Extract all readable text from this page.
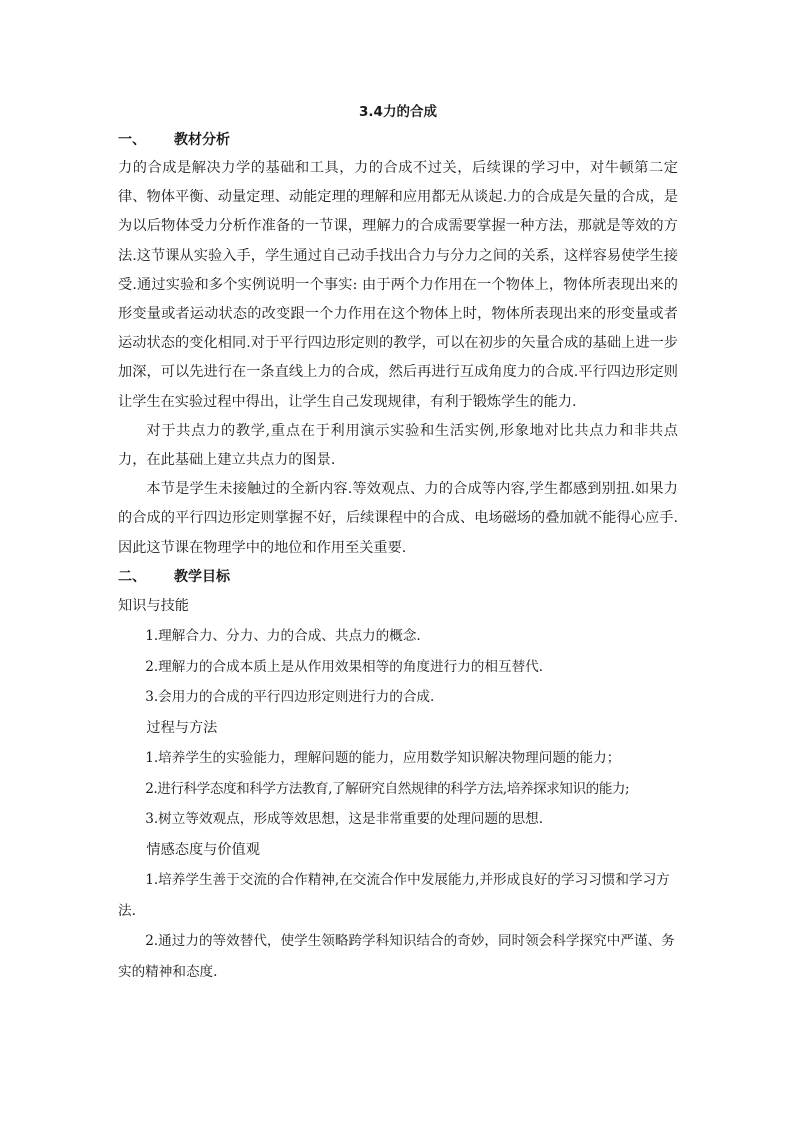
3.4力的合成
一、 教材分析

力的合成是解决力学的基础和工具，力的合成不过关，后续课的学习中，对牛顿第二定律、物体平衡、动量定理、动能定理的理解和应用都无从谈起.力的合成是矢量的合成，是为以后物体受力分析作准备的一节课，理解力的合成需要掌握一种方法，那就是等效的方法.这节课从实验入手，学生通过自己动手找出合力与分力之间的关系，这样容易使学生接受.通过实验和多个实例说明一个事实: 由于两个力作用在一个物体上，物体所表现出来的形变量或者运动状态的改变跟一个力作用在这个物体上时，物体所表现出来的形变量或者运动状态的变化相同.对于平行四边形定则的教学，可以在初步的矢量合成的基础上进一步加深，可以先进行在一条直线上力的合成，然后再进行互成角度力的合成.平行四边形定则让学生在实验过程中得出，让学生自己发现规律，有利于锻炼学生的能力.

对于共点力的教学,重点在于利用演示实验和生活实例,形象地对比共点力和非共点力，在此基础上建立共点力的图景.

本节是学生未接触过的全新内容.等效观点、力的合成等内容,学生都感到别扭.如果力的合成的平行四边形定则掌握不好，后续课程中的合成、电场磁场的叠加就不能得心应手.因此这节课在物理学中的地位和作用至关重要.

二、 教学目标

知识与技能

1.理解合力、分力、力的合成、共点力的概念.

2.理解力的合成本质上是从作用效果相等的角度进行力的相互替代.

3.会用力的合成的平行四边形定则进行力的合成.

过程与方法

1.培养学生的实验能力，理解问题的能力，应用数学知识解决物理问题的能力；

2.进行科学态度和科学方法教育,了解研究自然规律的科学方法,培养探求知识的能力;

3.树立等效观点，形成等效思想，这是非常重要的处理问题的思想.

情感态度与价值观

1.培养学生善于交流的合作精神,在交流合作中发展能力,并形成良好的学习习惯和学习方法.

2.通过力的等效替代，使学生领略跨学科知识结合的奇妙，同时领会科学探究中严谨、务实的精神和态度.
